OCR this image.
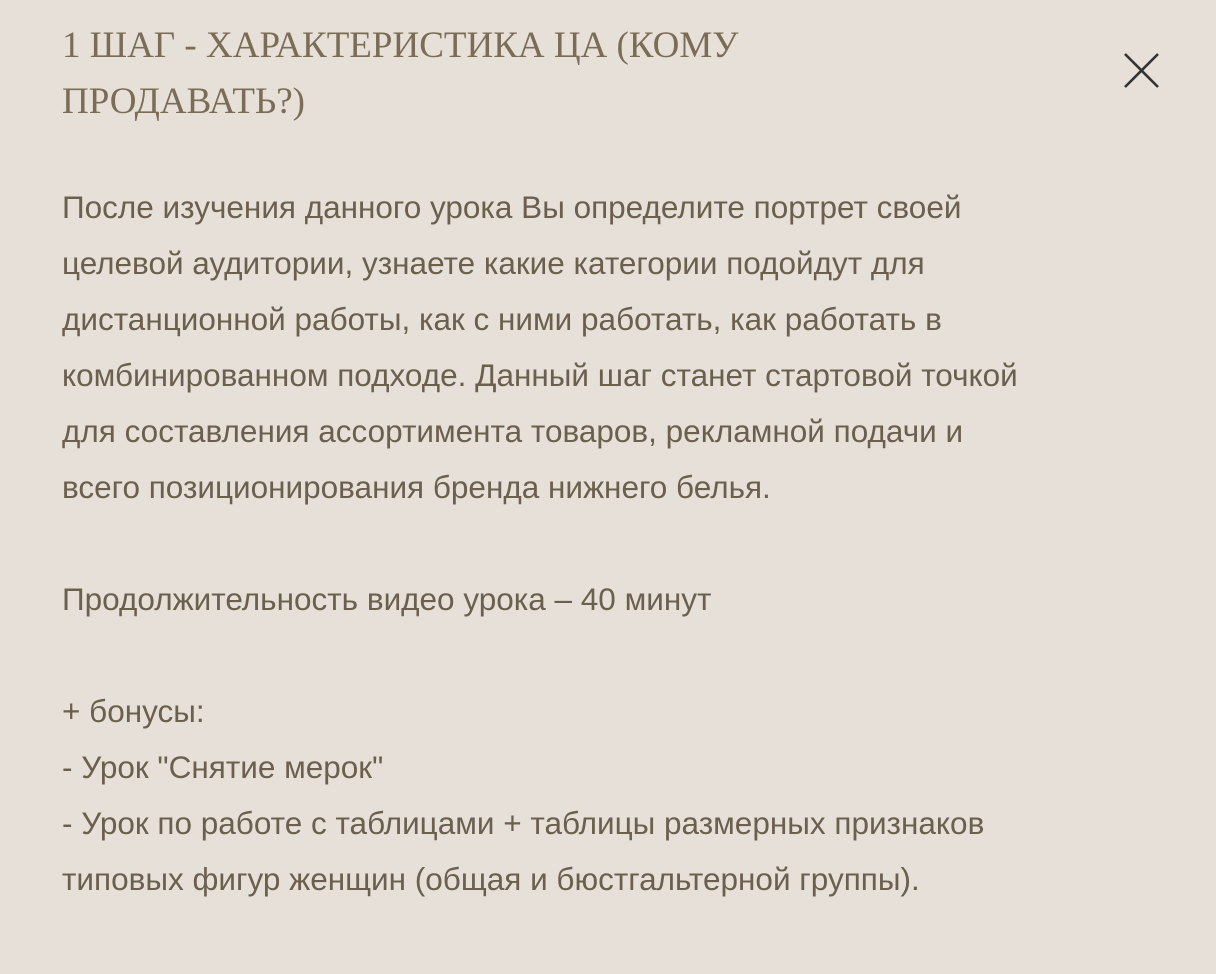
1 ШАГ - ХАРАКТЕРИСТИКА ЦА (КОМУ
ПРОДАВАТЬ?)

После изучения данного урока Вы определите портрет своей

целевой аудитории, узнаете какие категории подойдут для

дистанционной работы, как с ними работать, как работать в

комбинированном подходе. Данный шаг станет стартовой точкой

для составления ассортимента товаров, рекламной подачи и

всего позиционирования бренда нижнего белья.

Продолжительность видео урока – 40 минут

+ бонусы:

- Урок "Снятие мерок"

- Урок по работе с таблицами + таблицы размерных признаков

типовых фигур женщин (общая и бюстгальтерной группы).
